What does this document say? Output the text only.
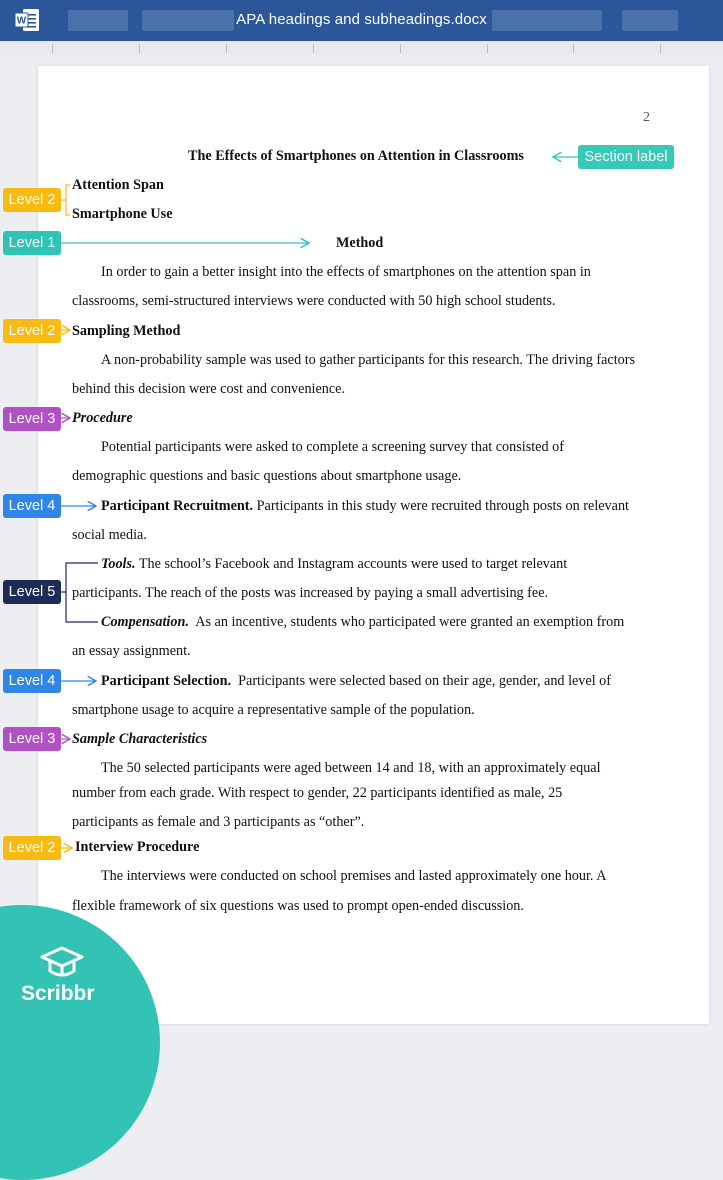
W	APA headings and subheadings.docx
2
The Effects of Smartphones on Attention in Classrooms
Attention Span
Smartphone Use
Method
In order to gain a better insight into the effects of smartphones on the attention span in
classrooms, semi-structured interviews were conducted with 50 high school students.
Sampling Method
A non-probability sample was used to gather participants for this research. The driving factors
behind this decision were cost and convenience.
Procedure
Potential participants were asked to complete a screening survey that consisted of
demographic questions and basic questions about smartphone usage.
Participant Recruitment. Participants in this study were recruited through posts on relevant
social media.
Tools. The school’s Facebook and Instagram accounts were used to target relevant
participants. The reach of the posts was increased by paying a small advertising fee.
Compensation.  As an incentive, students who participated were granted an exemption from
an essay assignment.
Participant Selection.  Participants were selected based on their age, gender, and level of
smartphone usage to acquire a representative sample of the population.
Sample Characteristics
The 50 selected participants were aged between 14 and 18, with an approximately equal
number from each grade. With respect to gender, 22 participants identified as male, 25
participants as female and 3 participants as “other”.
Interview Procedure
The interviews were conducted on school premises and lasted approximately one hour. A
flexible framework of six questions was used to prompt open-ended discussion.
Section label
Level 2
Level 1
Level 2
Level 3
Level 4
Level 5
Level 4
Level 3
Level 2
Scribbr
